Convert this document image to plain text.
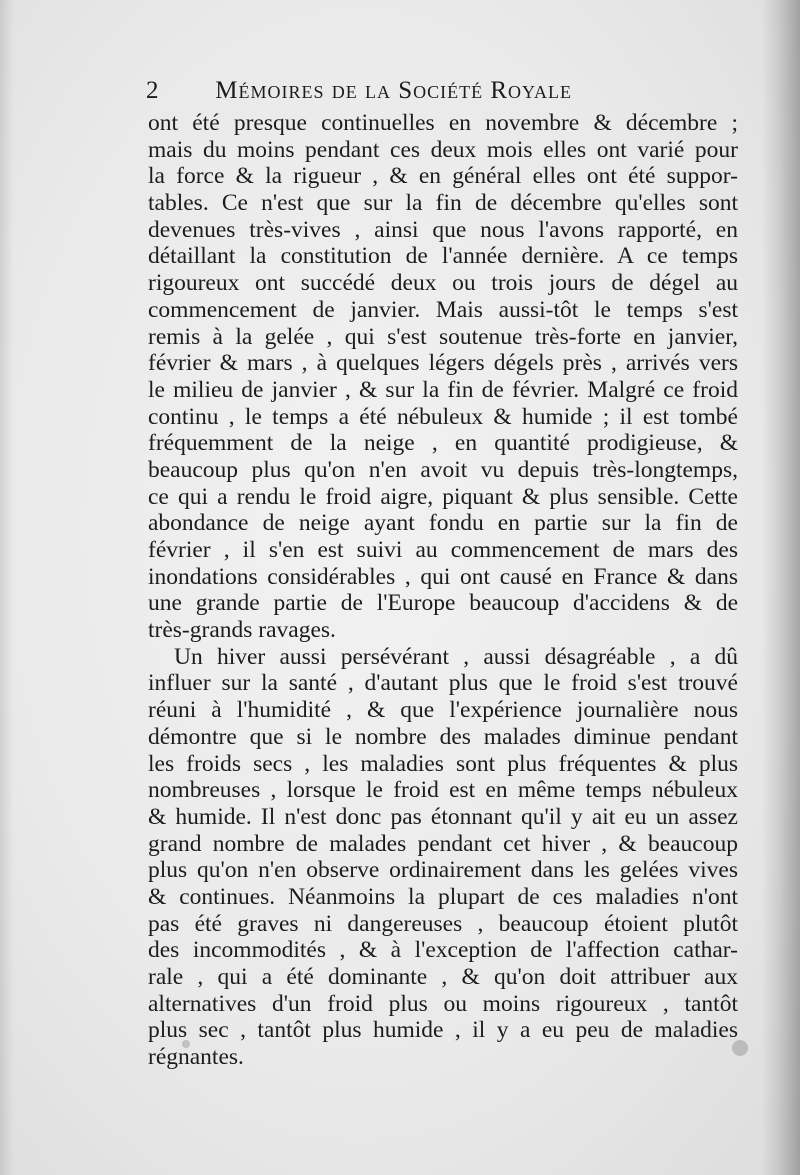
2 Mémoires de la Société Royale
ont été presque continuelles en novembre & décembre ;
mais du moins pendant ces deux mois elles ont varié pour
la force & la rigueur , & en général elles ont été suppor-
tables. Ce n'est que sur la fin de décembre qu'elles sont
devenues très-vives , ainsi que nous l'avons rapporté, en
détaillant la constitution de l'année dernière. A ce temps
rigoureux ont succédé deux ou trois jours de dégel au
commencement de janvier. Mais aussi-tôt le temps s'est
remis à la gelée , qui s'est soutenue très-forte en janvier,
février & mars , à quelques légers dégels près , arrivés vers
le milieu de janvier , & sur la fin de février. Malgré ce froid
continu , le temps a été nébuleux & humide ; il est tombé
fréquemment de la neige , en quantité prodigieuse, &
beaucoup plus qu'on n'en avoit vu depuis très-longtemps,
ce qui a rendu le froid aigre, piquant & plus sensible. Cette
abondance de neige ayant fondu en partie sur la fin de
février , il s'en est suivi au commencement de mars des
inondations considérables , qui ont causé en France & dans
une grande partie de l'Europe beaucoup d'accidens & de
très-grands ravages.
Un hiver aussi persévérant , aussi désagréable , a dû
influer sur la santé , d'autant plus que le froid s'est trouvé
réuni à l'humidité , & que l'expérience journalière nous
démontre que si le nombre des malades diminue pendant
les froids secs , les maladies sont plus fréquentes & plus
nombreuses , lorsque le froid est en même temps nébuleux
& humide. Il n'est donc pas étonnant qu'il y ait eu un assez
grand nombre de malades pendant cet hiver , & beaucoup
plus qu'on n'en observe ordinairement dans les gelées vives
& continues. Néanmoins la plupart de ces maladies n'ont
pas été graves ni dangereuses , beaucoup étoient plutôt
des incommodités , & à l'exception de l'affection cathar-
rale , qui a été dominante , & qu'on doit attribuer aux
alternatives d'un froid plus ou moins rigoureux , tantôt
plus sec , tantôt plus humide , il y a eu peu de maladies
régnantes.
